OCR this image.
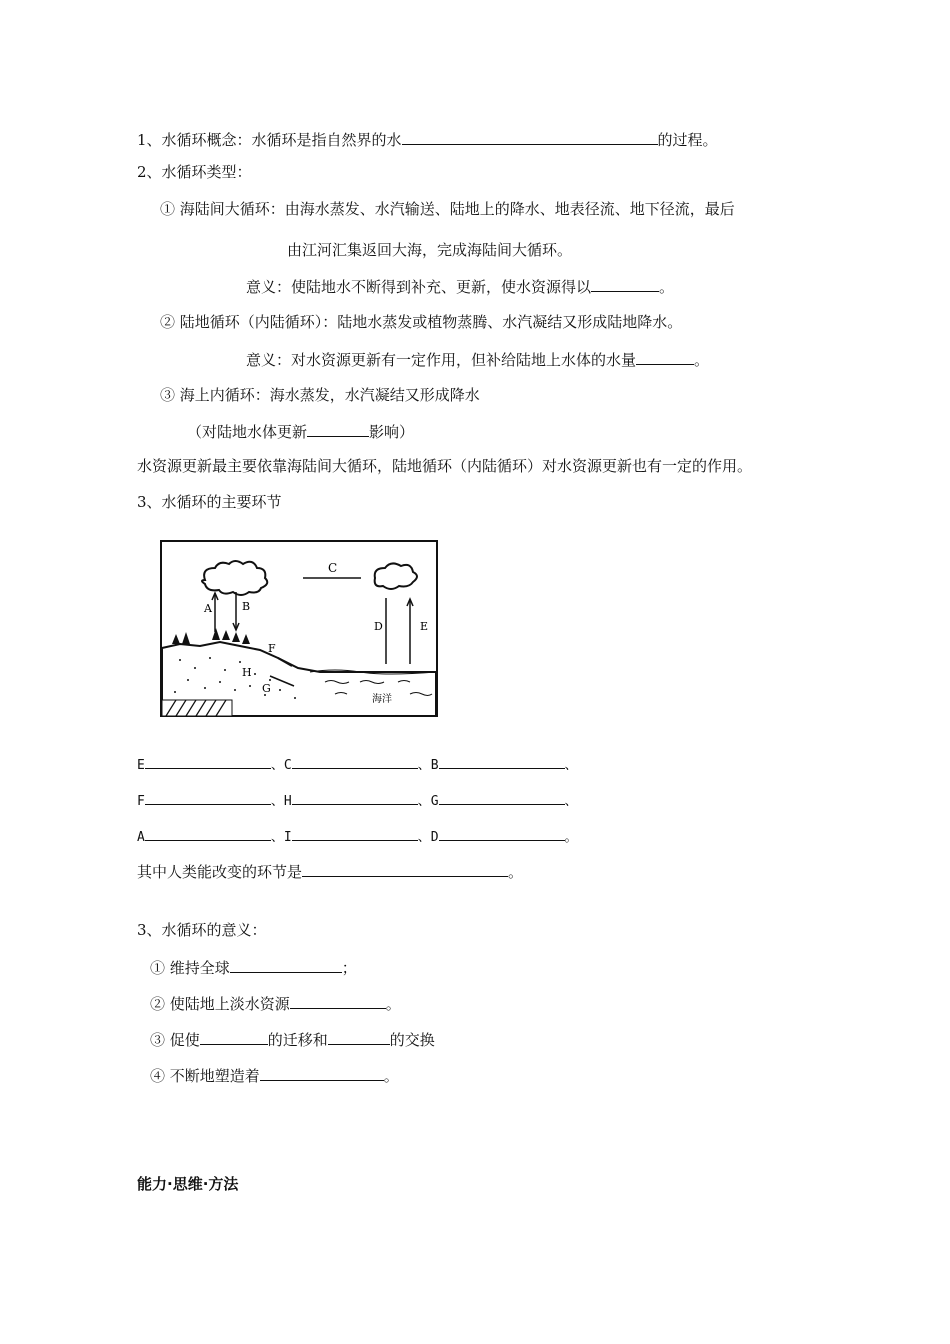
1、水循环概念：水循环是指自然界的水	的过程。
2、水循环类型：
① 海陆间大循环：由海水蒸发、水汽输送、陆地上的降水、地表径流、地下径流，最后
由江河汇集返回大海，完成海陆间大循环。
意义：使陆地水不断得到补充、更新，使水资源得以	。
② 陆地循环（内陆循环）：陆地水蒸发或植物蒸腾、水汽凝结又形成陆地降水。
意义：对水资源更新有一定作用，但补给陆地上水体的水量	。
③ 海上内循环：海水蒸发，水汽凝结又形成降水
（对陆地水体更新	影响）
水资源更新最主要依靠海陆间大循环，陆地循环（内陆循环）对水资源更新也有一定的作用。
3、水循环的主要环节
C
A	B
D	E
海洋
F
H
G
E	、C	、B	、
F	、H	、G	、
A	、I	、D	。
其中人类能改变的环节是	。
3、水循环的意义：
① 维持全球	；
② 使陆地上淡水资源	。
③ 促使	的迁移和	的交换
④ 不断地塑造着	。
能力·思维·方法
